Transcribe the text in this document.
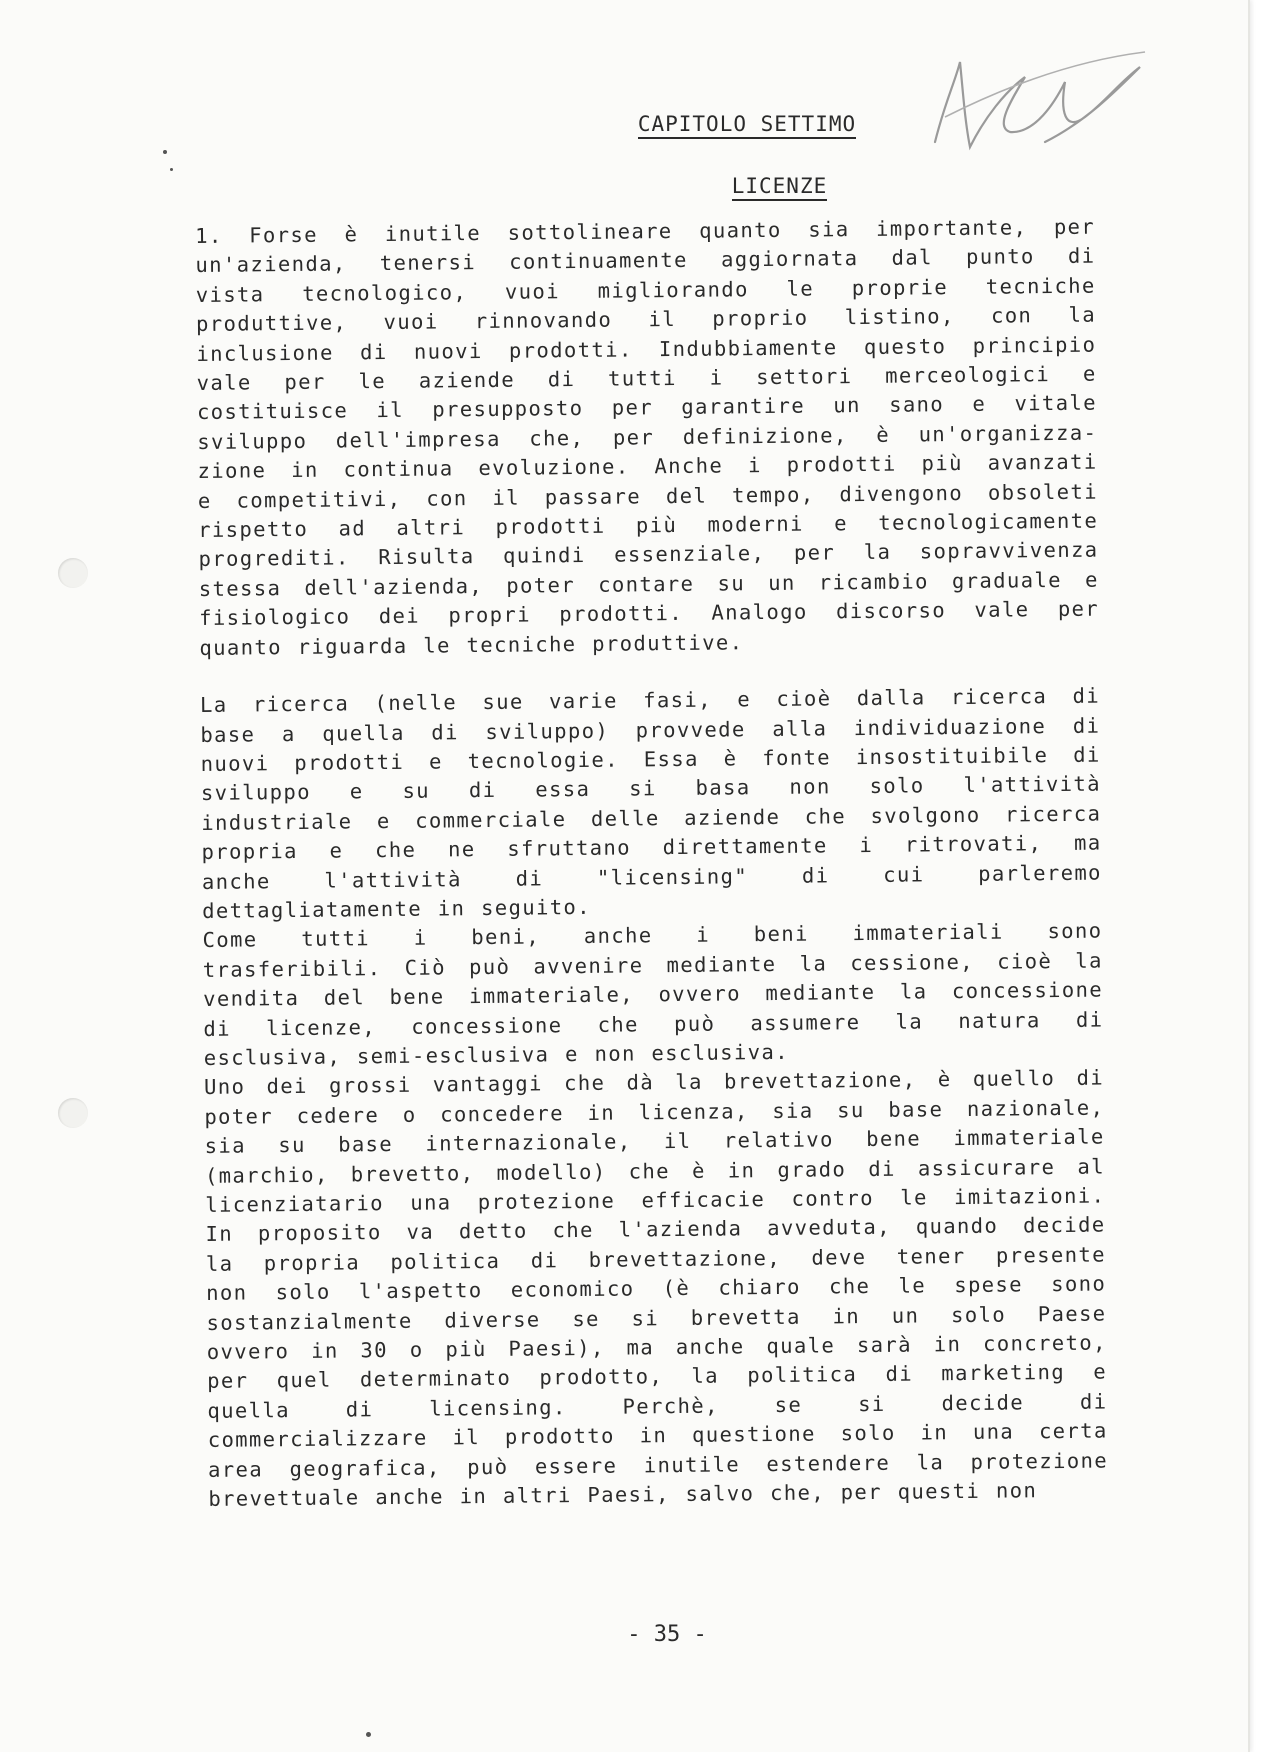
CAPITOLO SETTIMO
LICENZE

1. Forse è inutile sottolineare quanto sia importante, per
un'azienda, tenersi continuamente aggiornata dal punto di
vista tecnologico, vuoi migliorando le proprie tecniche
produttive, vuoi rinnovando il proprio listino, con la
inclusione di nuovi prodotti. Indubbiamente questo principio
vale per le aziende di tutti i settori merceologici e
costituisce il presupposto per garantire un sano e vitale
sviluppo dell'impresa che, per definizione, è un'organizza-
zione in continua evoluzione. Anche i prodotti più avanzati
e competitivi, con il passare del tempo, divengono obsoleti
rispetto ad altri prodotti più moderni e tecnologicamente
progrediti. Risulta quindi essenziale, per la sopravvivenza
stessa dell'azienda, poter contare su un ricambio graduale e
fisiologico dei propri prodotti. Analogo discorso vale per
quanto riguarda le tecniche produttive.

La ricerca (nelle sue varie fasi, e cioè dalla ricerca di
base a quella di sviluppo) provvede alla individuazione di
nuovi prodotti e tecnologie. Essa è fonte insostituibile di
sviluppo e su di essa si basa non solo l'attività
industriale e commerciale delle aziende che svolgono ricerca
propria e che ne sfruttano direttamente i ritrovati, ma
anche l'attività di "licensing" di cui parleremo
dettagliatamente in seguito.

Come tutti i beni, anche i beni immateriali sono
trasferibili. Ciò può avvenire mediante la cessione, cioè la
vendita del bene immateriale, ovvero mediante la concessione
di licenze, concessione che può assumere la natura di
esclusiva, semi-esclusiva e non esclusiva.

Uno dei grossi vantaggi che dà la brevettazione, è quello di
poter cedere o concedere in licenza, sia su base nazionale,
sia su base internazionale, il relativo bene immateriale
(marchio, brevetto, modello) che è in grado di assicurare al
licenziatario una protezione efficacie contro le imitazioni.
In proposito va detto che l'azienda avveduta, quando decide
la propria politica di brevettazione, deve tener presente
non solo l'aspetto economico (è chiaro che le spese sono
sostanzialmente diverse se si brevetta in un solo Paese
ovvero in 30 o più Paesi), ma anche quale sarà in concreto,
per quel determinato prodotto, la politica di marketing e
quella di licensing. Perchè, se si decide di
commercializzare il prodotto in questione solo in una certa
area geografica, può essere inutile estendere la protezione
brevettuale anche in altri Paesi, salvo che, per questi non

- 35 -
